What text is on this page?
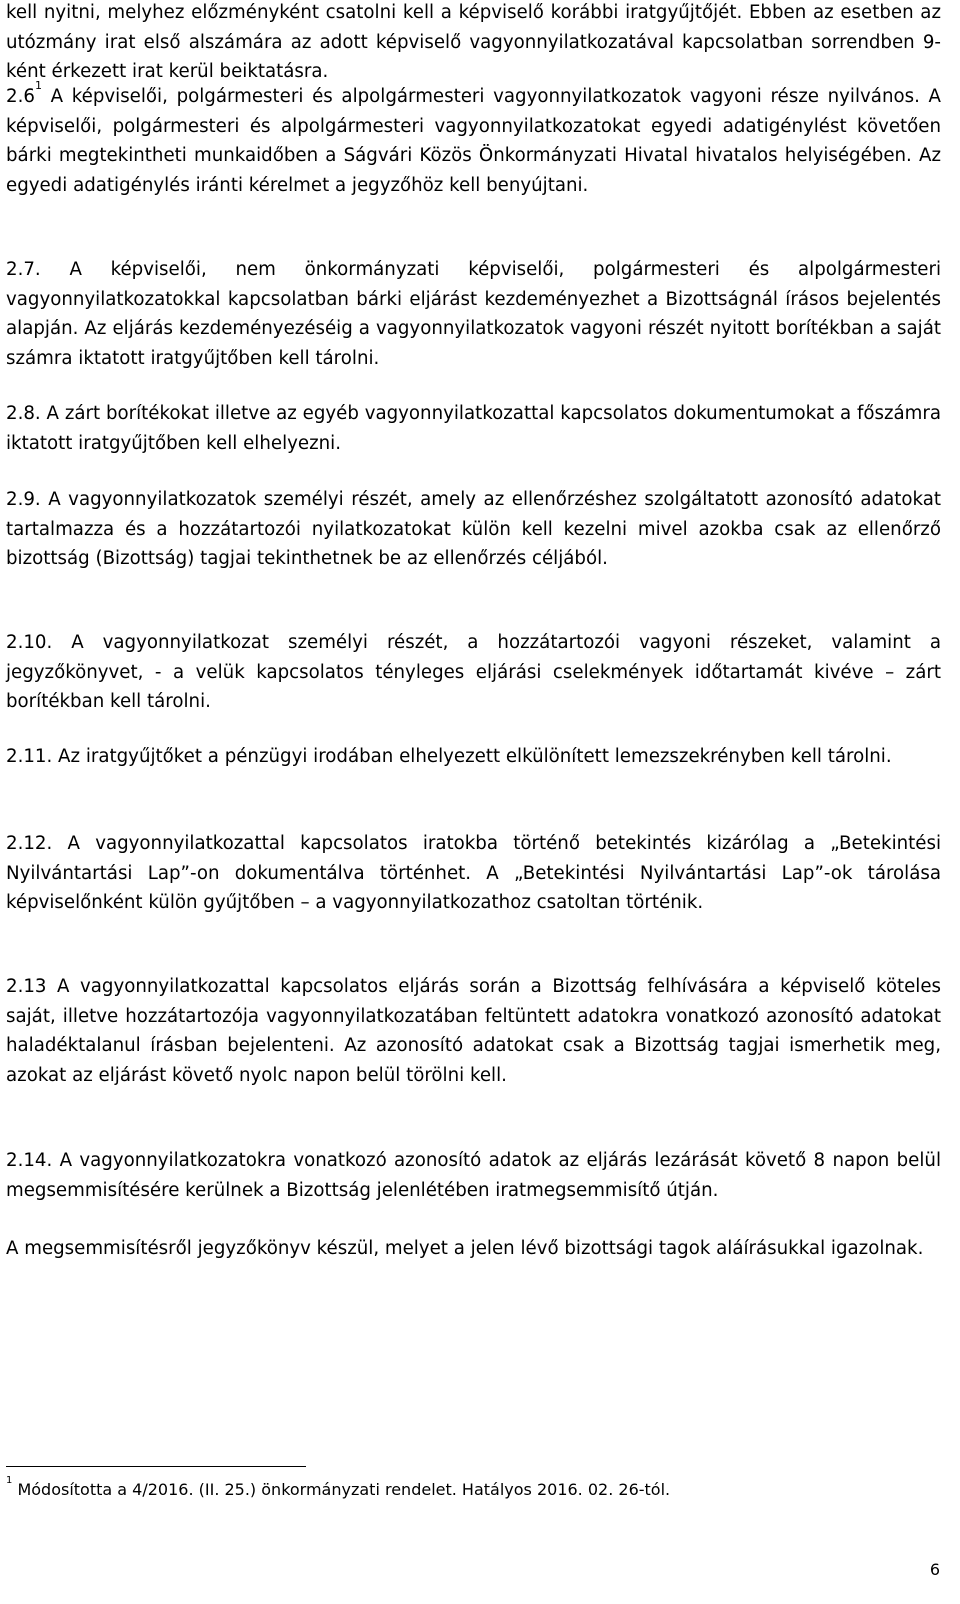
kell nyitni, melyhez előzményként csatolni kell a képviselő korábbi iratgyűjtőjét. Ebben az esetben az utózmány irat első alszámára az adott képviselő vagyonnyilatkozatával kapcsolatban sorrendben 9-ként érkezett irat kerül beiktatásra.

$2.6^1$ A képviselői, polgármesteri és alpolgármesteri vagyonnyilatkozatok vagyoni része nyilvános. A képviselői, polgármesteri és alpolgármesteri vagyonnyilatkozatokat egyedi adatigénylést követően bárki megtekintheti munkaidőben a Ságvári Közös Önkormányzati Hivatal hivatalos helyiségében. Az egyedi adatigénylés iránti kérelmet a jegyzőhöz kell benyújtani.

2.7. A képviselői, nem önkormányzati képviselői, polgármesteri és alpolgármesteri vagyonnyilatkozatokkal kapcsolatban bárki eljárást kezdeményezhet a Bizottságnál írásos bejelentés alapján. Az eljárás kezdeményezéséig a vagyonnyilatkozatok vagyoni részét nyitott borítékban a saját számra iktatott iratgyűjtőben kell tárolni.

2.8. A zárt borítékokat illetve az egyéb vagyonnyilatkozattal kapcsolatos dokumentumokat a főszámra iktatott iratgyűjtőben kell elhelyezni.

2.9. A vagyonnyilatkozatok személyi részét, amely az ellenőrzéshez szolgáltatott azonosító adatokat tartalmazza és a hozzátartozói nyilatkozatokat külön kell kezelni mivel azokba csak az ellenőrző bizottság (Bizottság) tagjai tekinthetnek be az ellenőrzés céljából.

2.10. A vagyonnyilatkozat személyi részét, a hozzátartozói vagyoni részeket, valamint a jegyzőkönyvet, - a velük kapcsolatos tényleges eljárási cselekmények időtartamát kivéve – zárt borítékban kell tárolni.

2.11. Az iratgyűjtőket a pénzügyi irodában elhelyezett elkülönített lemezszekrényben kell tárolni.

2.12. A vagyonnyilatkozattal kapcsolatos iratokba történő betekintés kizárólag a „Betekintési Nyilvántartási Lap”-on dokumentálva történhet. A „Betekintési Nyilvántartási Lap”-ok tárolása képviselőnként külön gyűjtőben – a vagyonnyilatkozathoz csatoltan történik.

2.13 A vagyonnyilatkozattal kapcsolatos eljárás során a Bizottság felhívására a képviselő köteles saját, illetve hozzátartozója vagyonnyilatkozatában feltüntett adatokra vonatkozó azonosító adatokat haladéktalanul írásban bejelenteni. Az azonosító adatokat csak a Bizottság tagjai ismerhetik meg, azokat az eljárást követő nyolc napon belül törölni kell.

2.14. A vagyonnyilatkozatokra vonatkozó azonosító adatok az eljárás lezárását követő 8 napon belül megsemmisítésére kerülnek a Bizottság jelenlétében iratmegsemmisítő útján.

A megsemmisítésről jegyzőkönyv készül, melyet a jelen lévő bizottsági tagok aláírásukkal igazolnak.

$^1$ Módosította a 4/2016. (II. 25.) önkormányzati rendelet. Hatályos 2016. 02. 26-tól.
6
